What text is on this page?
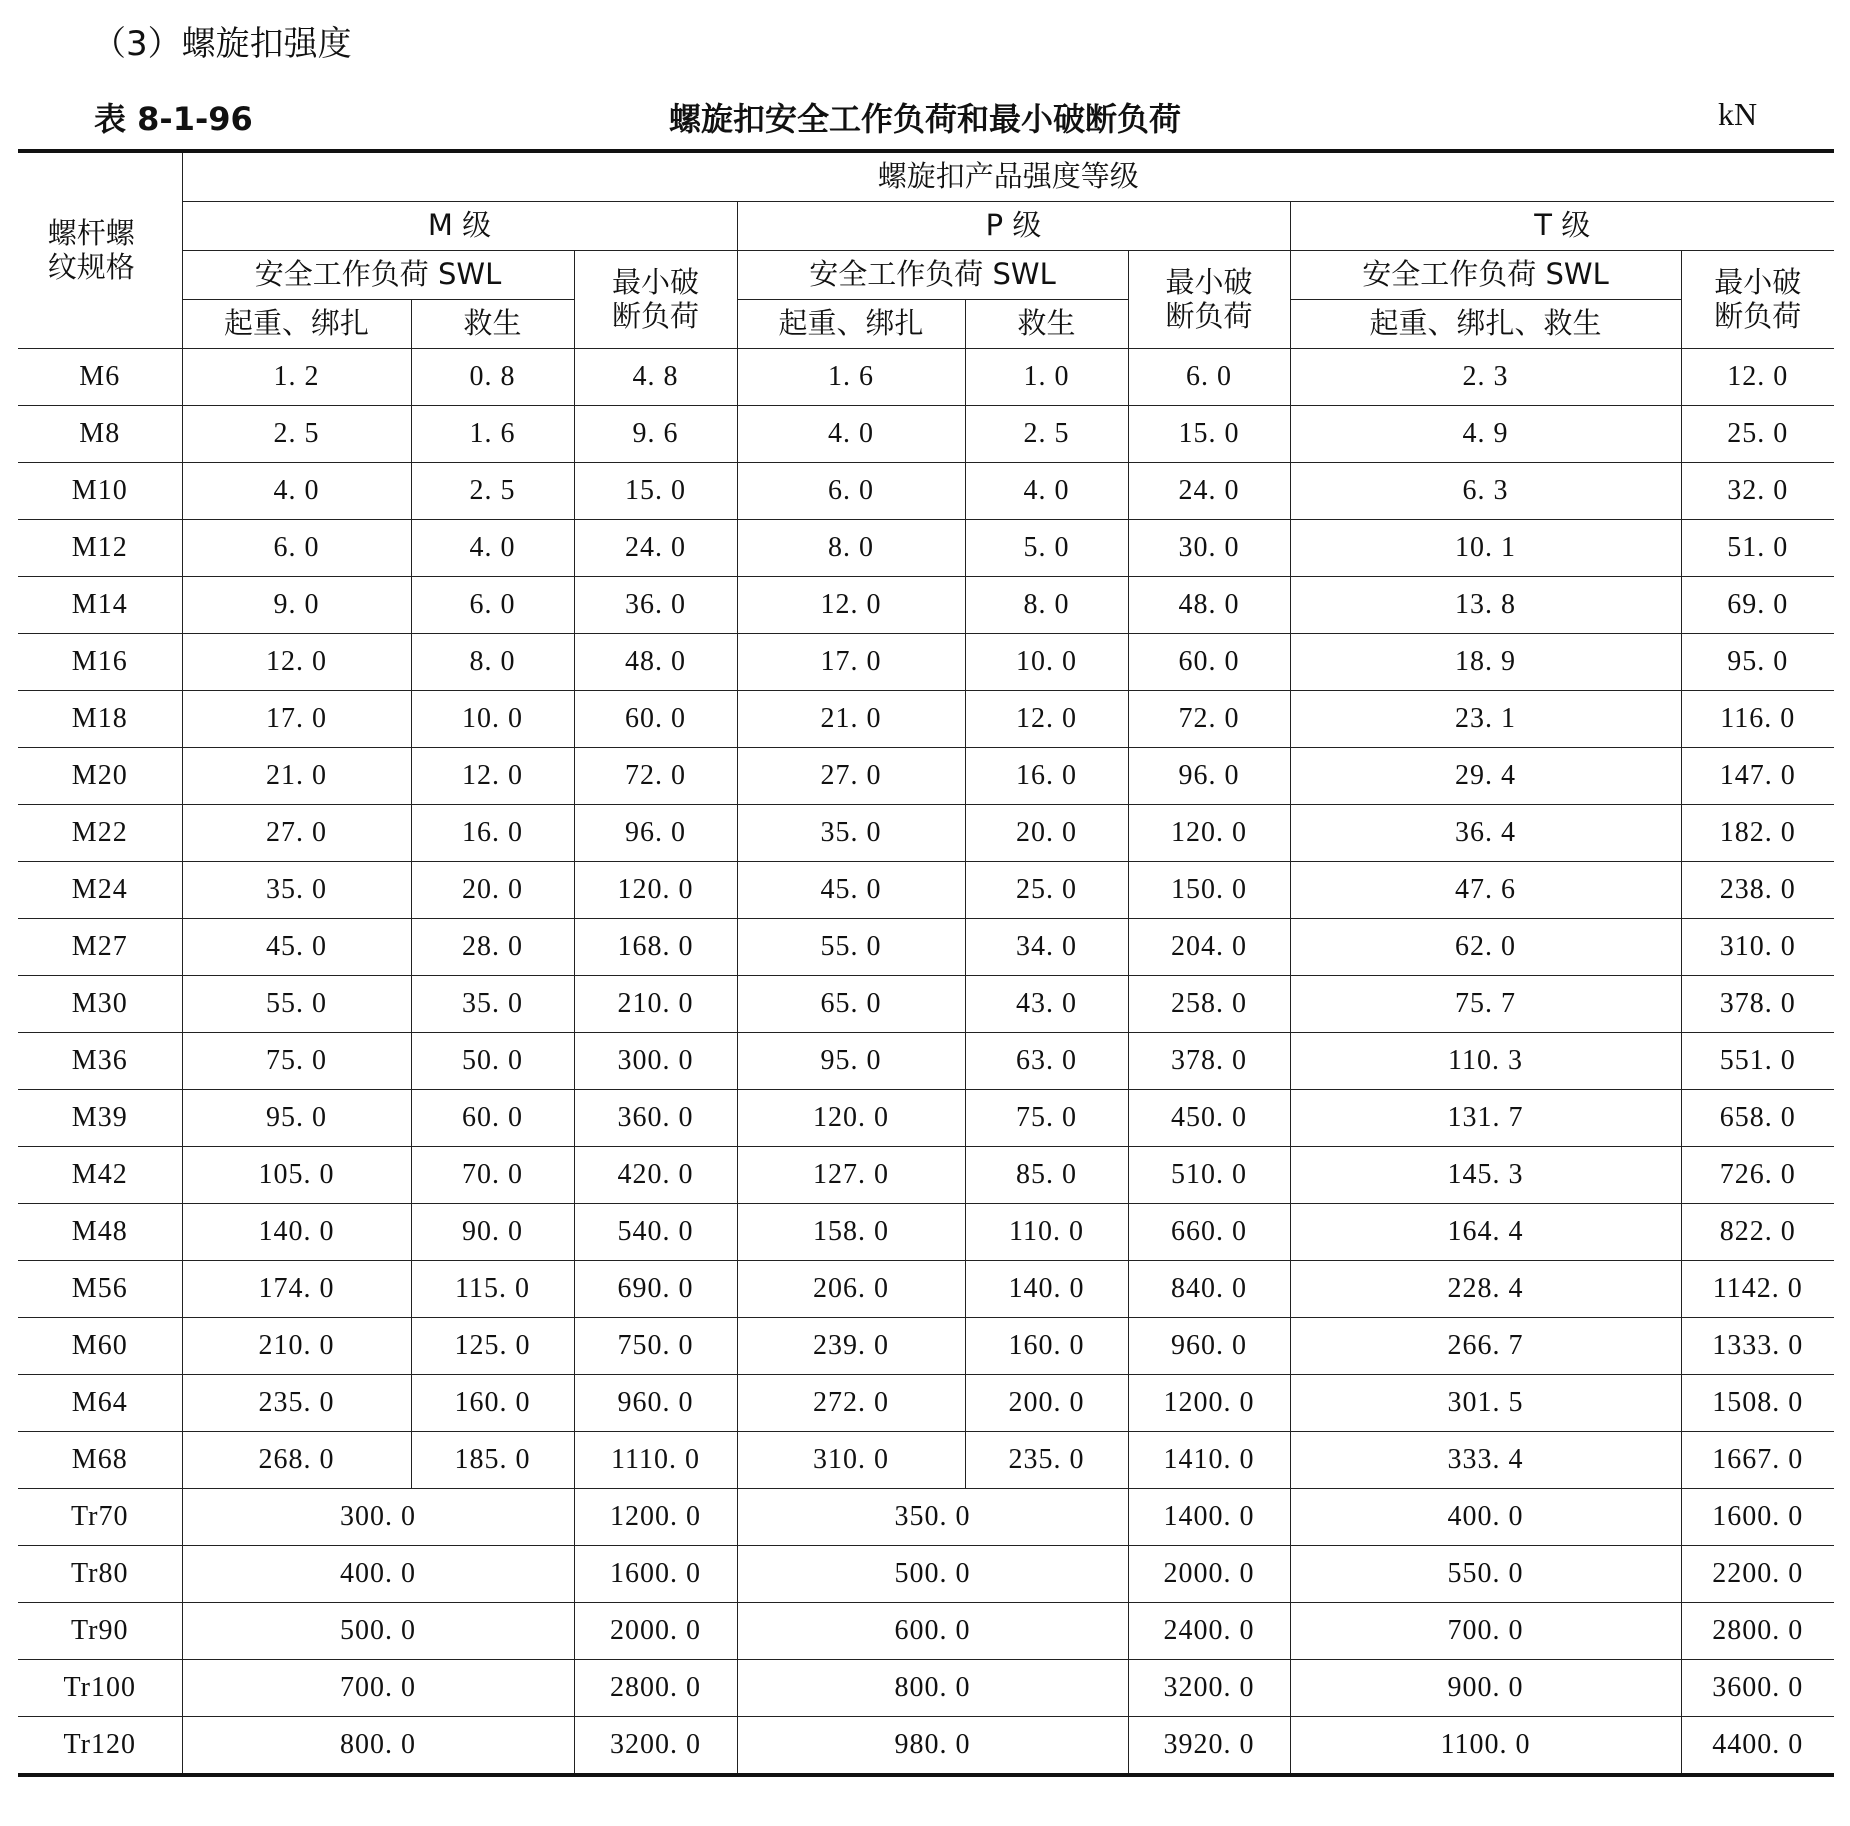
（3）螺旋扣强度
表 8-1-96	螺旋扣安全工作负荷和最小破断负荷	kN
螺杆螺纹规格	螺旋扣产品强度等级							
	M 级			P 级			T 级	
	安全工作负荷 SWL		最小破断负荷	安全工作负荷 SWL		最小破断负荷	安全工作负荷 SWL	最小破断负荷
	起重、绑扎	救生		起重、绑扎	救生		起重、绑扎、救生	
M6	1. 2	0. 8	4. 8	1. 6	1. 0	6. 0	2. 3	12. 0
M8	2. 5	1. 6	9. 6	4. 0	2. 5	15. 0	4. 9	25. 0
M10	4. 0	2. 5	15. 0	6. 0	4. 0	24. 0	6. 3	32. 0
M12	6. 0	4. 0	24. 0	8. 0	5. 0	30. 0	10. 1	51. 0
M14	9. 0	6. 0	36. 0	12. 0	8. 0	48. 0	13. 8	69. 0
M16	12. 0	8. 0	48. 0	17. 0	10. 0	60. 0	18. 9	95. 0
M18	17. 0	10. 0	60. 0	21. 0	12. 0	72. 0	23. 1	116. 0
M20	21. 0	12. 0	72. 0	27. 0	16. 0	96. 0	29. 4	147. 0
M22	27. 0	16. 0	96. 0	35. 0	20. 0	120. 0	36. 4	182. 0
M24	35. 0	20. 0	120. 0	45. 0	25. 0	150. 0	47. 6	238. 0
M27	45. 0	28. 0	168. 0	55. 0	34. 0	204. 0	62. 0	310. 0
M30	55. 0	35. 0	210. 0	65. 0	43. 0	258. 0	75. 7	378. 0
M36	75. 0	50. 0	300. 0	95. 0	63. 0	378. 0	110. 3	551. 0
M39	95. 0	60. 0	360. 0	120. 0	75. 0	450. 0	131. 7	658. 0
M42	105. 0	70. 0	420. 0	127. 0	85. 0	510. 0	145. 3	726. 0
M48	140. 0	90. 0	540. 0	158. 0	110. 0	660. 0	164. 4	822. 0
M56	174. 0	115. 0	690. 0	206. 0	140. 0	840. 0	228. 4	1142. 0
M60	210. 0	125. 0	750. 0	239. 0	160. 0	960. 0	266. 7	1333. 0
M64	235. 0	160. 0	960. 0	272. 0	200. 0	1200. 0	301. 5	1508. 0
M68	268. 0	185. 0	1110. 0	310. 0	235. 0	1410. 0	333. 4	1667. 0
Tr70	300. 0		1200. 0	350. 0		1400. 0	400. 0	1600. 0
Tr80	400. 0		1600. 0	500. 0		2000. 0	550. 0	2200. 0
Tr90	500. 0		2000. 0	600. 0		2400. 0	700. 0	2800. 0
Tr100	700. 0		2800. 0	800. 0		3200. 0	900. 0	3600. 0
Tr120	800. 0		3200. 0	980. 0		3920. 0	1100. 0	4400. 0
